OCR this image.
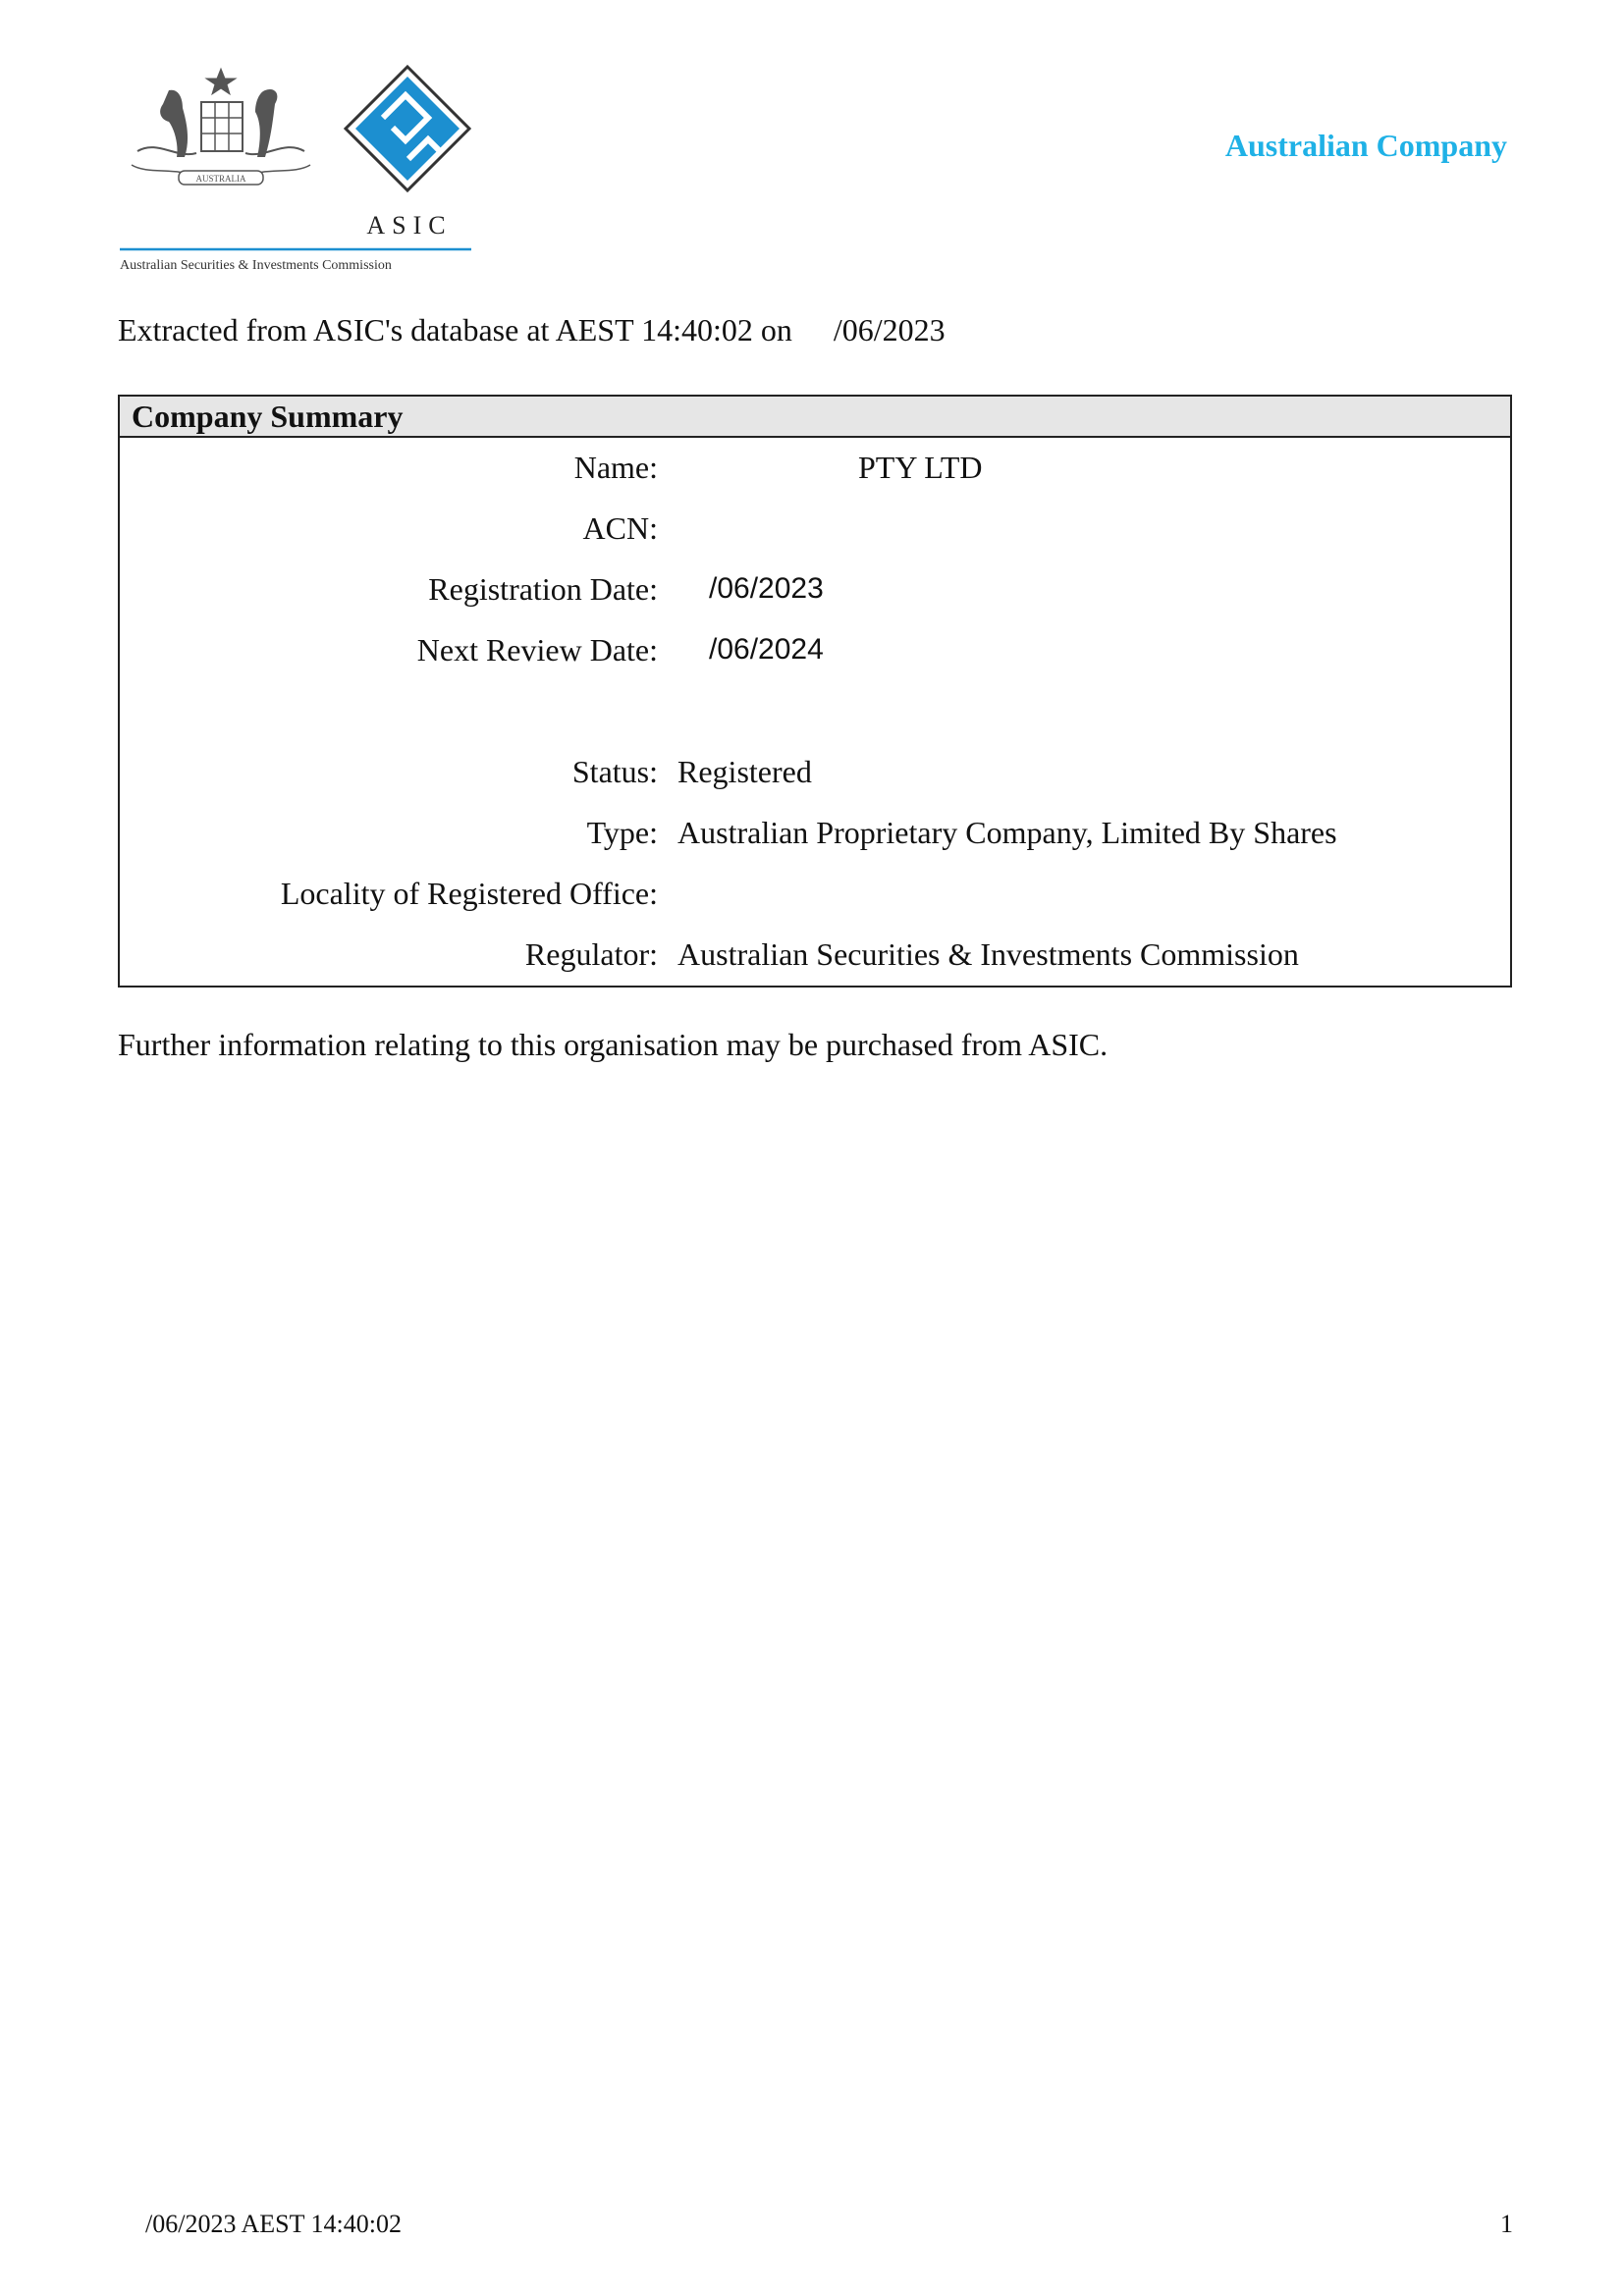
AUSTRALIA
ASIC
Australian Securities & Investments Commission
Australian Company
Extracted from ASIC's database at AEST 14:40:02 on /06/2023
Company Summary
Name:	PTY LTD
ACN:
Registration Date: /06/2023
Next Review Date: /06/2024
Status: Registered
Type: Australian Proprietary Company, Limited By Shares
Locality of Registered Office:
Regulator: Australian Securities & Investments Commission
Further information relating to this organisation may be purchased from ASIC.
/06/2023 AEST 14:40:02	1
